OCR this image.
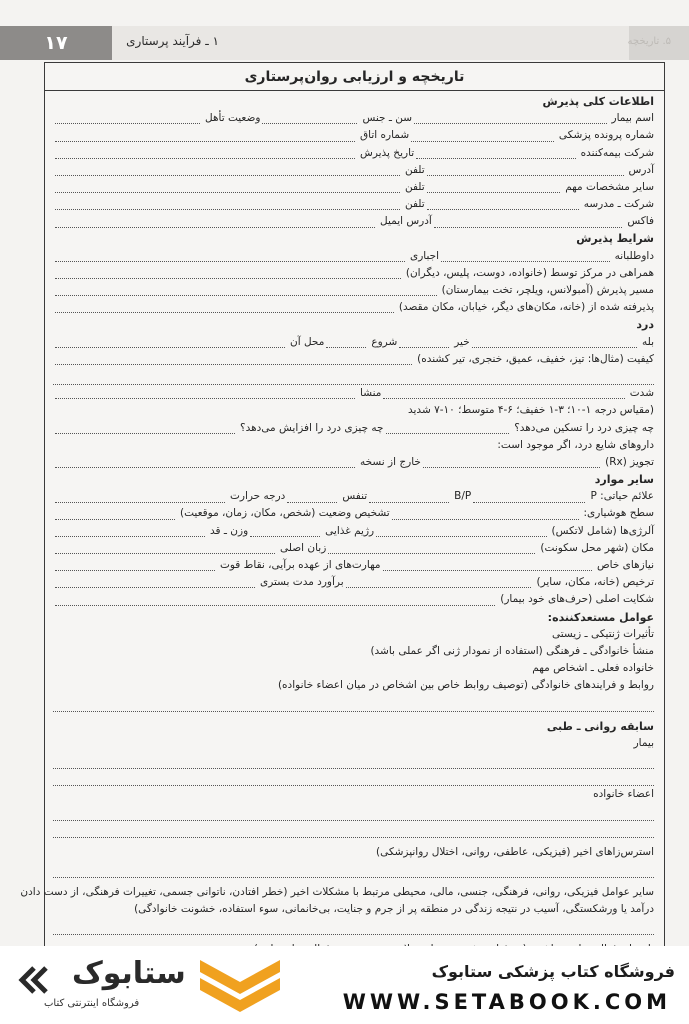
۱۷	۱ ـ فرآیند پرستاری	۵. تاریخچه
تاریخچه و ارزیابی روان‌پرستاری
اطلاعات کلی پذیرش
اسم بیمار
سن ـ جنس
وضعیت تأهل
شماره پرونده پزشکی
شماره اتاق
شرکت بیمه‌کننده
تاریخ پذیرش
آدرس
تلفن
سایر مشخصات مهم
تلفن
شرکت ـ مدرسه
تلفن
فاکس
آدرس ایمیل
شرایط پذیرش
داوطلبانه
اجباری
همراهی در مرکز توسط (خانواده، دوست، پلیس، دیگران)
مسیر پذیرش (آمبولانس، ویلچر، تخت بیمارستان)
پذیرفته شده از (خانه، مکان‌های دیگر، خیابان، مکان مقصد)
درد
بله
خیر
شروع
محل آن
کیفیت (مثال‌ها: تیز، خفیف، عمیق، خنجری، تیر کشنده)
شدت
منشا
(مقیاس درجه ۱-۱۰؛ ۳-۱ خفیف؛ ۶-۴ متوسط؛ ۱۰-۷ شدید
چه چیزی درد را تسکین می‌دهد؟
چه چیزی درد را افزایش می‌دهد؟
داروهای شایع درد، اگر موجود است:
تجویز (Rx)
خارج از نسخه
سایر موارد
علائم حیاتی: P
B/P
تنفس
درجه حرارت
سطح هوشیاری:
تشخیص وضعیت (شخص، مکان، زمان، موقعیت)
آلرژی‌ها (شامل لاتکس)
رژیم غذایی
وزن ـ قد
مکان (شهر محل سکونت)
زبان اصلی
نیازهای خاص
مهارت‌های از عهده برآیی، نقاط قوت
ترخیص (خانه، مکان، سایر)
برآورد مدت بستری
شکایت اصلی (حرف‌های خود بیمار)
عوامل مستعدکننده:
تأثیرات ژنتیکی ـ زیستی
منشأ خانوادگی ـ فرهنگی (استفاده از نمودار ژنی اگر عملی باشد)
خانواده فعلی ـ اشخاص مهم
روابط و فرایندهای خانوادگی (توصیف روابط خاص بین اشخاص در میان اعضاء خانواده)
سابقه روانی ـ طبی
بیمار
اعضاء خانواده
استرس‌زاهای اخیر (فیزیکی، عاطفی، روانی، اختلال روانپزشکی)
سایر عوامل فیزیکی، روانی، فرهنگی، جنسی، مالی، محیطی مرتبط با مشکلات اخیر (خطر افتادن، ناتوانی جسمی، تغییرات فرهنگی، از دست دادن
درآمد یا ورشکستگی، آسیب در نتیجه زندگی در منطقه پر از جرم و جنایت، بی‌خانمانی، سوء استفاده، خشونت خانوادگی)
ستابوک
فروشگاه اینترنتی کتاب
فروشگاه کتاب پزشکی ستابوک
WWW.SETABOOK.COM
